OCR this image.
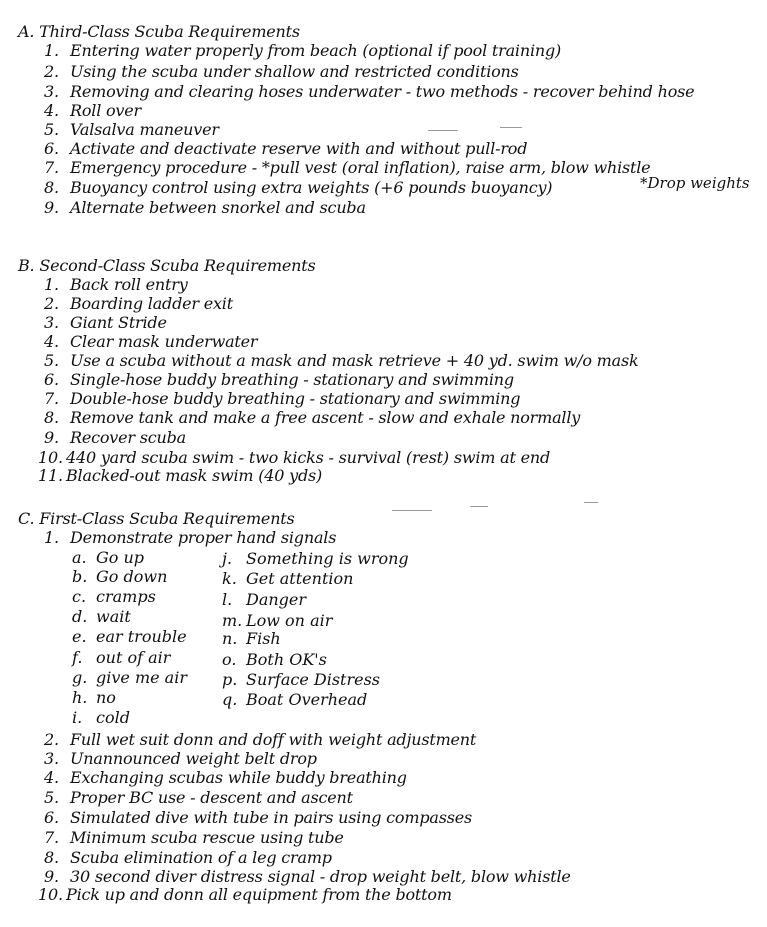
A. Third-Class Scuba Requirements
1. Entering water properly from beach (optional if pool training)
2. Using the scuba under shallow and restricted conditions
3. Removing and clearing hoses underwater - two methods - recover behind hose
4. Roll over
5. Valsalva maneuver
6. Activate and deactivate reserve with and without pull-rod
7. Emergency procedure - *pull vest (oral inflation), raise arm, blow whistle
8. Buoyancy control using extra weights (+6 pounds buoyancy)
9. Alternate between snorkel and scuba
*Drop weights
B. Second-Class Scuba Requirements
1. Back roll entry
2. Boarding ladder exit
3. Giant Stride
4. Clear mask underwater
5. Use a scuba without a mask and mask retrieve + 40 yd. swim w/o mask
6. Single-hose buddy breathing - stationary and swimming
7. Double-hose buddy breathing - stationary and swimming
8. Remove tank and make a free ascent - slow and exhale normally
9. Recover scuba
10. 440 yard scuba swim - two kicks - survival (rest) swim at end
11. Blacked-out mask swim (40 yds)
C. First-Class Scuba Requirements
1. Demonstrate proper hand signals
a. Go up
b. Go down
c. cramps
d. wait
e. ear trouble
f. out of air
g. give me air
h. no
i. cold
j. Something is wrong
k. Get attention
l. Danger
m. Low on air
n. Fish
o. Both OK's
p. Surface Distress
q. Boat Overhead
2. Full wet suit donn and doff with weight adjustment
3. Unannounced weight belt drop
4. Exchanging scubas while buddy breathing
5. Proper BC use - descent and ascent
6. Simulated dive with tube in pairs using compasses
7. Minimum scuba rescue using tube
8. Scuba elimination of a leg cramp
9. 30 second diver distress signal - drop weight belt, blow whistle
10. Pick up and donn all equipment from the bottom
